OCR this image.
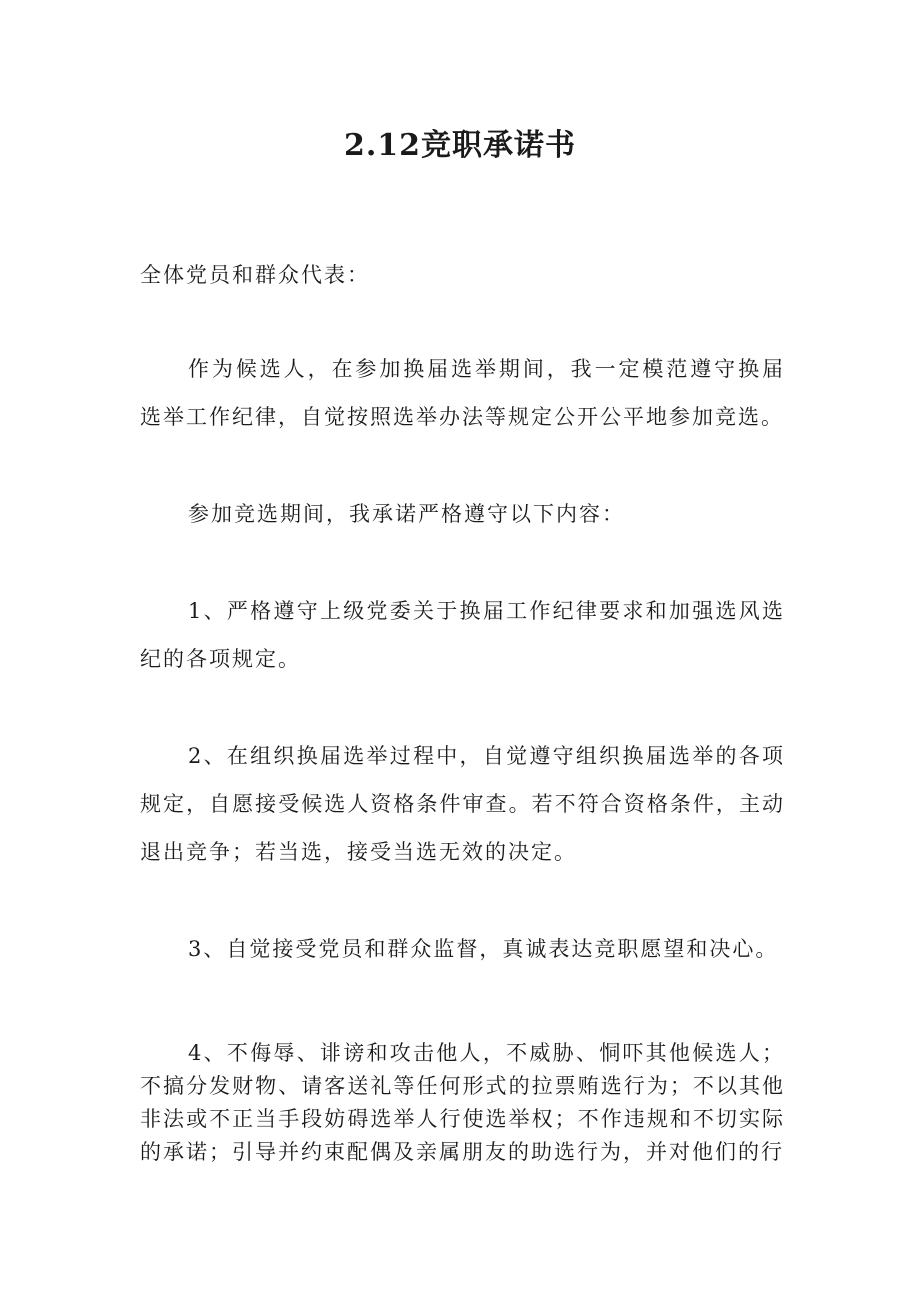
2.12竞职承诺书

全体党员和群众代表：

作为候选人，在参加换届选举期间，我一定模范遵守换届选举工作纪律，自觉按照选举办法等规定公开公平地参加竞选。

参加竞选期间，我承诺严格遵守以下内容：

1、严格遵守上级党委关于换届工作纪律要求和加强选风选纪的各项规定。

2、在组织换届选举过程中，自觉遵守组织换届选举的各项规定，自愿接受候选人资格条件审查。若不符合资格条件，主动退出竞争；若当选，接受当选无效的决定。

3、自觉接受党员和群众监督，真诚表达竞职愿望和决心。

4、不侮辱、诽谤和攻击他人，不威胁、恫吓其他候选人；不搞分发财物、请客送礼等任何形式的拉票贿选行为；不以其他非法或不正当手段妨碍选举人行使选举权；不作违规和不切实际的承诺；引导并约束配偶及亲属朋友的助选行为，并对他们的行
